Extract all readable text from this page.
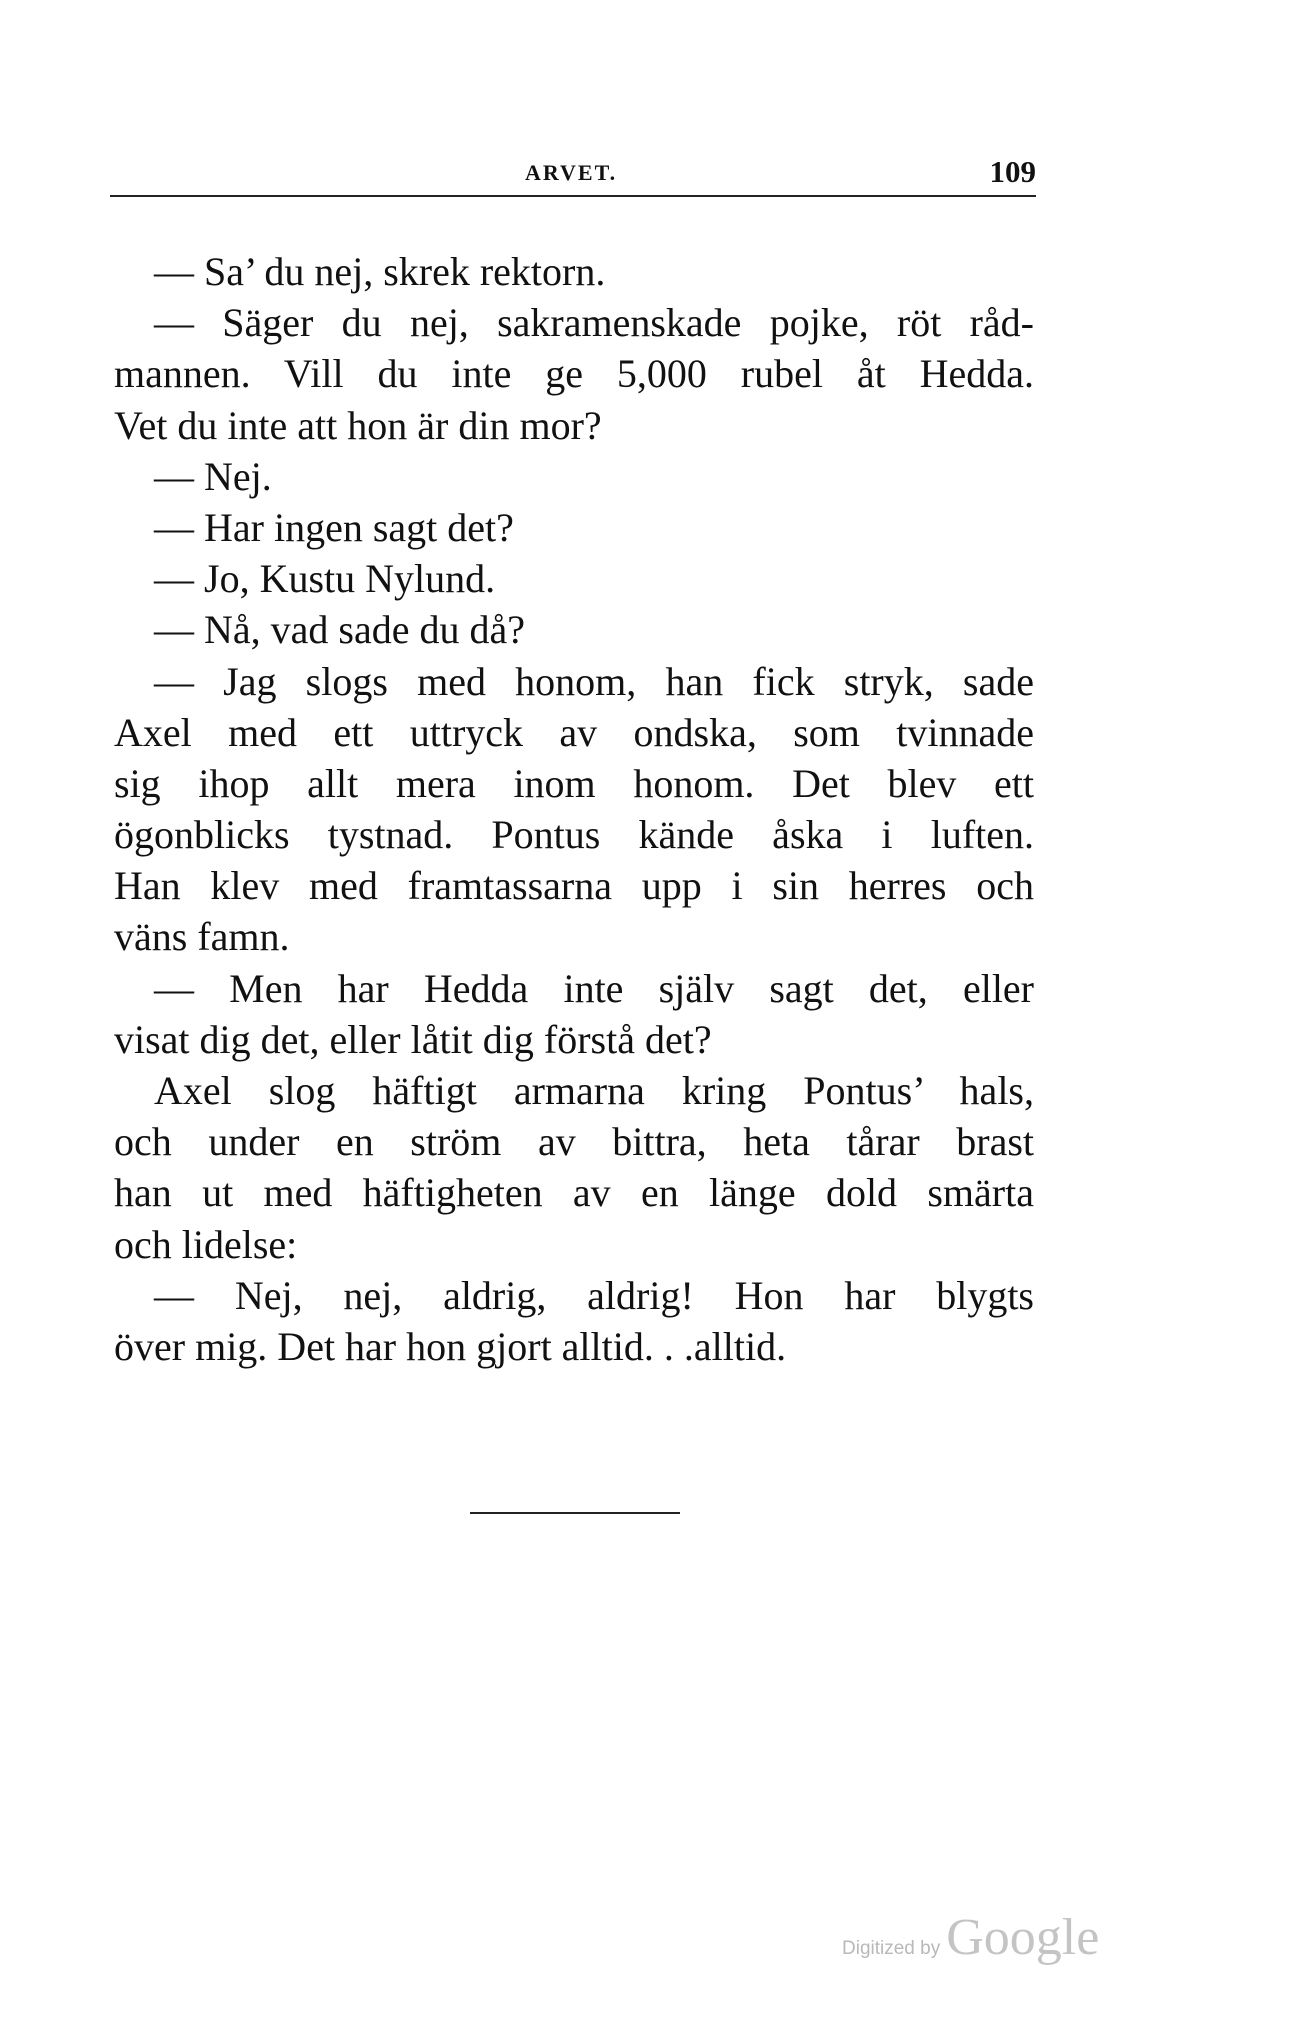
ARVET.	109
— Sa’ du nej, skrek rektorn.
— Säger du nej, sakramenskade pojke, röt råd-
mannen. Vill du inte ge 5,000 rubel åt Hedda.
Vet du inte att hon är din mor?
— Nej.
— Har ingen sagt det?
— Jo, Kustu Nylund.
— Nå, vad sade du då?
— Jag slogs med honom, han fick stryk, sade
Axel med ett uttryck av ondska, som tvinnade
sig ihop allt mera inom honom. Det blev ett
ögonblicks tystnad. Pontus kände åska i luften.
Han klev med framtassarna upp i sin herres och
väns famn.
— Men har Hedda inte själv sagt det, eller
visat dig det, eller låtit dig förstå det?
Axel slog häftigt armarna kring Pontus’ hals,
och under en ström av bittra, heta tårar brast
han ut med häftigheten av en länge dold smärta
och lidelse:
— Nej, nej, aldrig, aldrig! Hon har blygts
över mig. Det har hon gjort alltid. . .alltid.
Digitized by Google
